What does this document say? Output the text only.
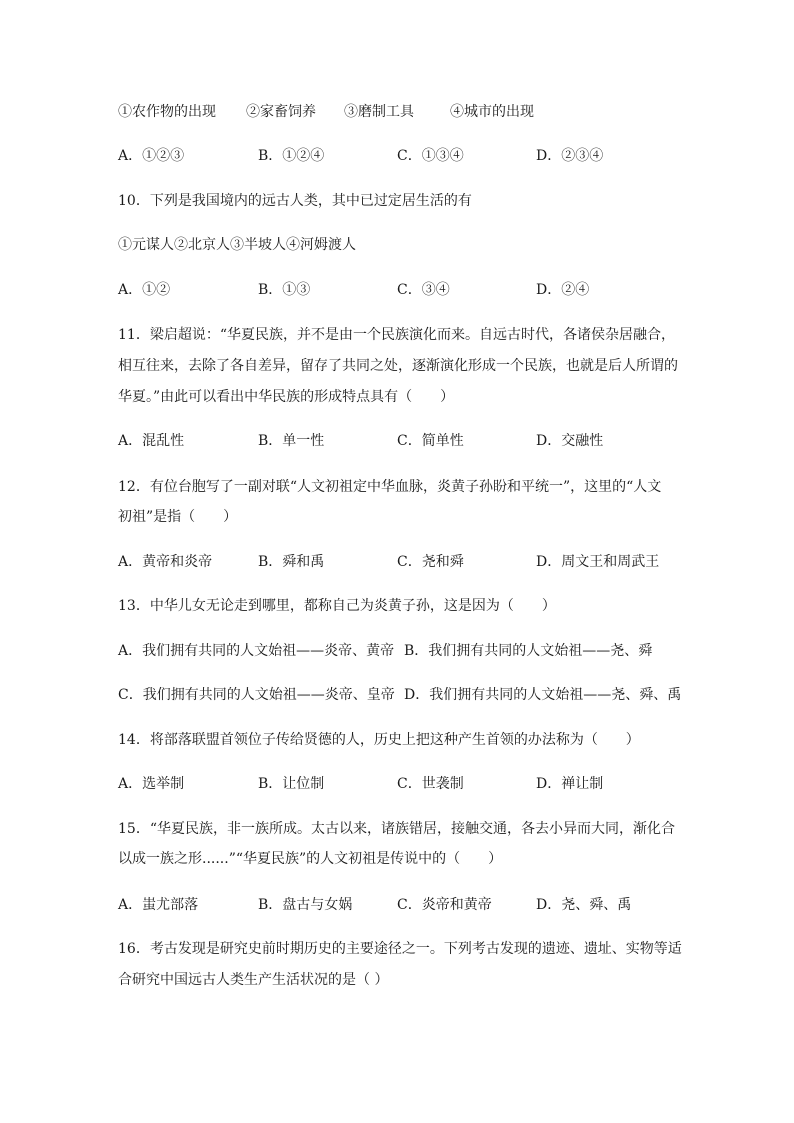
①农作物的出现 ②家畜饲养 ③磨制工具	④城市的出现
A．①②③	B．①②④	C．①③④	D．②③④
10．下列是我国境内的远古人类，其中已过定居生活的有
①元谋人②北京人③半坡人④河姆渡人
A．①②	B．①③	C．③④	D．②④
11．梁启超说：“华夏民族，并不是由一个民族演化而来。自远古时代，各诸侯杂居融合，
相互往来，去除了各自差异，留存了共同之处，逐渐演化形成一个民族，也就是后人所谓的
华夏。”由此可以看出中华民族的形成特点具有（　　）
A．混乱性	B．单一性	C．简单性	D．交融性
12．有位台胞写了一副对联“人文初祖定中华血脉，炎黄子孙盼和平统一”，这里的“人文
初祖”是指（　　）
A．黄帝和炎帝	B．舜和禹	C．尧和舜	D．周文王和周武王
13．中华儿女无论走到哪里，都称自己为炎黄子孙，这是因为（　　）
A．我们拥有共同的人文始祖——炎帝、黄帝 B．我们拥有共同的人文始祖——尧、舜
C．我们拥有共同的人文始祖——炎帝、皇帝 D．我们拥有共同的人文始祖——尧、舜、禹
14．将部落联盟首领位子传给贤德的人，历史上把这种产生首领的办法称为（　　）
A．选举制	B．让位制	C．世袭制	D．禅让制
15．“华夏民族，非一族所成。太古以来，诸族错居，接触交通，各去小异而大同，渐化合
以成一族之形......”“华夏民族”的人文初祖是传说中的（　　）
A．蚩尤部落	B．盘古与女娲	C．炎帝和黄帝	D．尧、舜、禹
16．考古发现是研究史前时期历史的主要途径之一。下列考古发现的遗迹、遗址、实物等适
合研究中国远古人类生产生活状况的是（ ）
